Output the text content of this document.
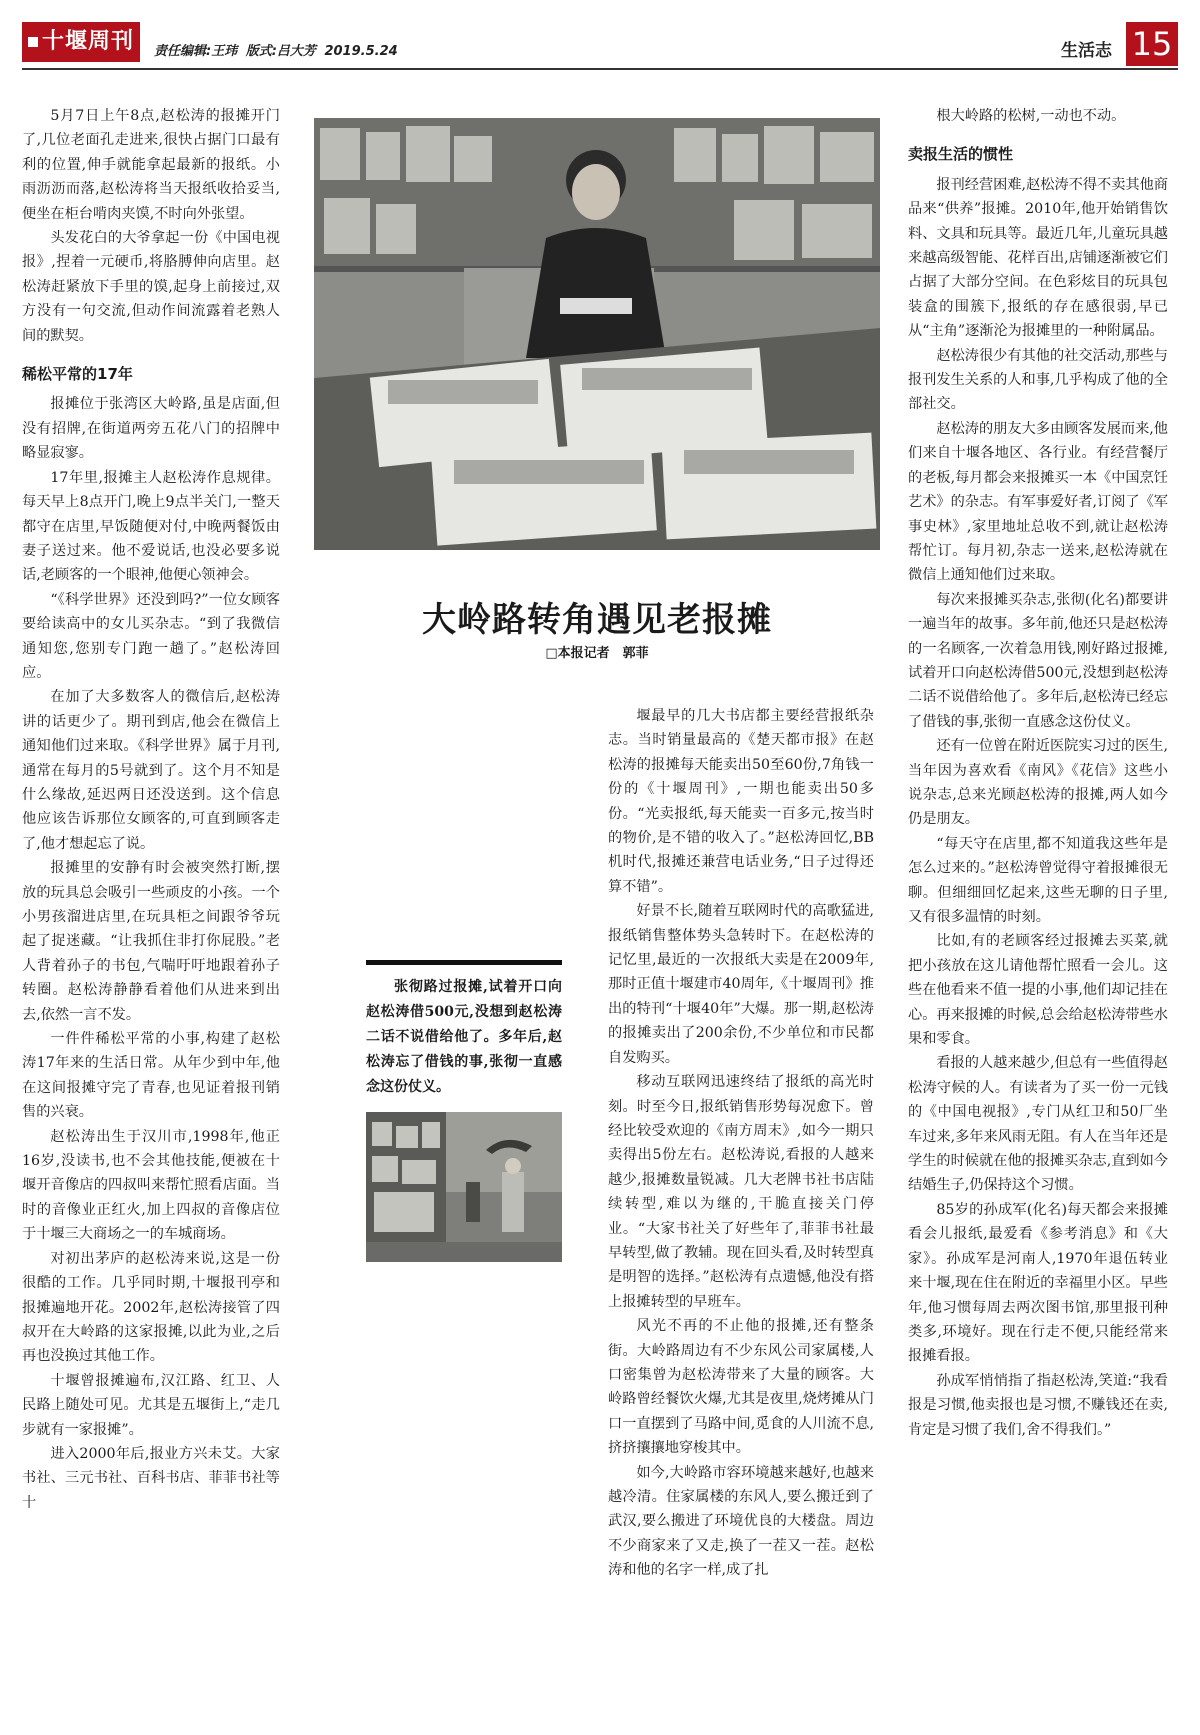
十堰周刊	责任编辑:王玮 版式:吕大芳 2019.5.24	生活志 15

5月7日上午8点,赵松涛的报摊开门了,几位老面孔走进来,很快占据门口最有利的位置,伸手就能拿起最新的报纸。小雨沥沥而落,赵松涛将当天报纸收拾妥当,便坐在柜台啃肉夹馍,不时向外张望。

头发花白的大爷拿起一份《中国电视报》,捏着一元硬币,将胳膊伸向店里。赵松涛赶紧放下手里的馍,起身上前接过,双方没有一句交流,但动作间流露着老熟人间的默契。

稀松平常的17年

报摊位于张湾区大岭路,虽是店面,但没有招牌,在街道两旁五花八门的招牌中略显寂寥。

17年里,报摊主人赵松涛作息规律。每天早上8点开门,晚上9点半关门,一整天都守在店里,早饭随便对付,中晚两餐饭由妻子送过来。他不爱说话,也没必要多说话,老顾客的一个眼神,他便心领神会。

“《科学世界》还没到吗?”一位女顾客要给读高中的女儿买杂志。“到了我微信通知您,您别专门跑一趟了。”赵松涛回应。

在加了大多数客人的微信后,赵松涛讲的话更少了。期刊到店,他会在微信上通知他们过来取。《科学世界》属于月刊,通常在每月的5号就到了。这个月不知是什么缘故,延迟两日还没送到。这个信息他应该告诉那位女顾客的,可直到顾客走了,他才想起忘了说。

报摊里的安静有时会被突然打断,摆放的玩具总会吸引一些顽皮的小孩。一个小男孩溜进店里,在玩具柜之间跟爷爷玩起了捉迷藏。“让我抓住非打你屁股。”老人背着孙子的书包,气喘吁吁地跟着孙子转圈。赵松涛静静看着他们从进来到出去,依然一言不发。

一件件稀松平常的小事,构建了赵松涛17年来的生活日常。从年少到中年,他在这间报摊守完了青春,也见证着报刊销售的兴衰。

赵松涛出生于汉川市,1998年,他正16岁,没读书,也不会其他技能,便被在十堰开音像店的四叔叫来帮忙照看店面。当时的音像业正红火,加上四叔的音像店位于十堰三大商场之一的车城商场。

对初出茅庐的赵松涛来说,这是一份很酷的工作。几乎同时期,十堰报刊亭和报摊遍地开花。2002年,赵松涛接管了四叔开在大岭路的这家报摊,以此为业,之后再也没换过其他工作。

十堰曾报摊遍布,汉江路、红卫、人民路上随处可见。尤其是五堰街上,“走几步就有一家报摊”。

进入2000年后,报业方兴未艾。大家书社、三元书社、百科书店、菲菲书社等十

大岭路转角遇见老报摊
□本报记者　郭菲
张彻路过报摊,试着开口向赵松涛借500元,没想到赵松涛二话不说借给他了。多年后,赵松涛忘了借钱的事,张彻一直感念这份仗义。

堰最早的几大书店都主要经营报纸杂志。当时销量最高的《楚天都市报》在赵松涛的报摊每天能卖出50至60份,7角钱一份的《十堰周刊》,一期也能卖出50多份。“光卖报纸,每天能卖一百多元,按当时的物价,是不错的收入了。”赵松涛回忆,BB机时代,报摊还兼营电话业务,“日子过得还算不错”。

好景不长,随着互联网时代的高歌猛进,报纸销售整体势头急转时下。在赵松涛的记忆里,最近的一次报纸大卖是在2009年,那时正值十堰建市40周年,《十堰周刊》推出的特刊“十堰40年”大爆。那一期,赵松涛的报摊卖出了200余份,不少单位和市民都自发购买。

移动互联网迅速终结了报纸的高光时刻。时至今日,报纸销售形势每况愈下。曾经比较受欢迎的《南方周末》,如今一期只卖得出5份左右。赵松涛说,看报的人越来越少,报摊数量锐减。几大老牌书社书店陆续转型,难以为继的,干脆直接关门停业。“大家书社关了好些年了,菲菲书社最早转型,做了教辅。现在回头看,及时转型真是明智的选择。”赵松涛有点遗憾,他没有搭上报摊转型的早班车。

风光不再的不止他的报摊,还有整条街。大岭路周边有不少东风公司家属楼,人口密集曾为赵松涛带来了大量的顾客。大岭路曾经餐饮火爆,尤其是夜里,烧烤摊从门口一直摆到了马路中间,觅食的人川流不息,挤挤攘攘地穿梭其中。

如今,大岭路市容环境越来越好,也越来越冷清。住家属楼的东风人,要么搬迁到了武汉,要么搬进了环境优良的大楼盘。周边不少商家来了又走,换了一茬又一茬。赵松涛和他的名字一样,成了扎

根大岭路的松树,一动也不动。

卖报生活的惯性

报刊经营困难,赵松涛不得不卖其他商品来“供养”报摊。2010年,他开始销售饮料、文具和玩具等。最近几年,儿童玩具越来越高级智能、花样百出,店铺逐渐被它们占据了大部分空间。在色彩炫目的玩具包装盒的围簇下,报纸的存在感很弱,早已从“主角”逐渐沦为报摊里的一种附属品。

赵松涛很少有其他的社交活动,那些与报刊发生关系的人和事,几乎构成了他的全部社交。

赵松涛的朋友大多由顾客发展而来,他们来自十堰各地区、各行业。有经营餐厅的老板,每月都会来报摊买一本《中国烹饪艺术》的杂志。有军事爱好者,订阅了《军事史林》,家里地址总收不到,就让赵松涛帮忙订。每月初,杂志一送来,赵松涛就在微信上通知他们过来取。

每次来报摊买杂志,张彻(化名)都要讲一遍当年的故事。多年前,他还只是赵松涛的一名顾客,一次着急用钱,刚好路过报摊,试着开口向赵松涛借500元,没想到赵松涛二话不说借给他了。多年后,赵松涛已经忘了借钱的事,张彻一直感念这份仗义。

还有一位曾在附近医院实习过的医生,当年因为喜欢看《南风》《花信》这些小说杂志,总来光顾赵松涛的报摊,两人如今仍是朋友。

“每天守在店里,都不知道我这些年是怎么过来的。”赵松涛曾觉得守着报摊很无聊。但细细回忆起来,这些无聊的日子里,又有很多温情的时刻。

比如,有的老顾客经过报摊去买菜,就把小孩放在这儿请他帮忙照看一会儿。这些在他看来不值一提的小事,他们却记挂在心。再来报摊的时候,总会给赵松涛带些水果和零食。

看报的人越来越少,但总有一些值得赵松涛守候的人。有读者为了买一份一元钱的《中国电视报》,专门从红卫和50厂坐车过来,多年来风雨无阻。有人在当年还是学生的时候就在他的报摊买杂志,直到如今结婚生子,仍保持这个习惯。

85岁的孙成军(化名)每天都会来报摊看会儿报纸,最爱看《参考消息》和《大家》。孙成军是河南人,1970年退伍转业来十堰,现在住在附近的幸福里小区。早些年,他习惯每周去两次图书馆,那里报刊种类多,环境好。现在行走不便,只能经常来报摊看报。

孙成军悄悄指了指赵松涛,笑道:“我看报是习惯,他卖报也是习惯,不赚钱还在卖,肯定是习惯了我们,舍不得我们。”
